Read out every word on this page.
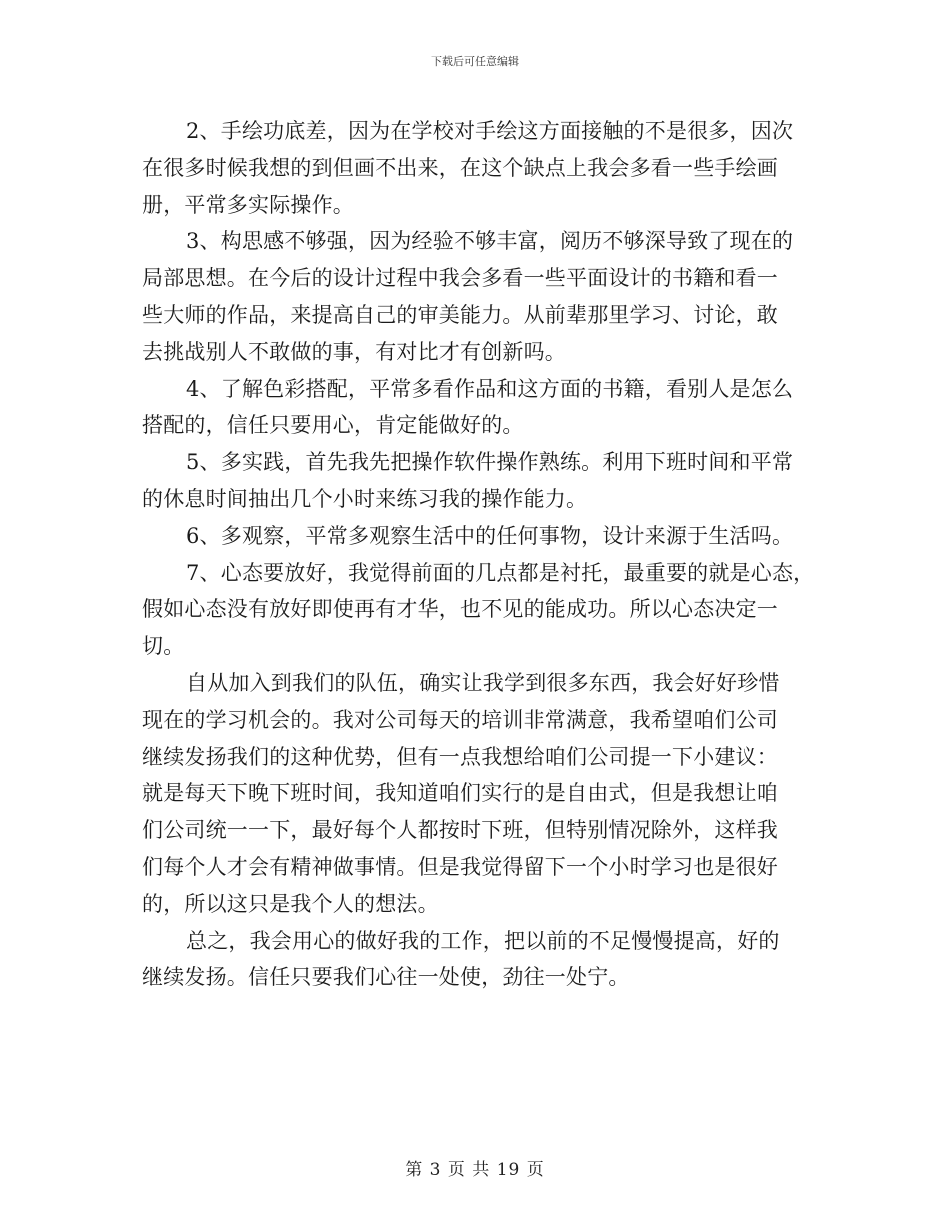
下载后可任意编辑
2、手绘功底差，因为在学校对手绘这方面接触的不是很多，因次
在很多时候我想的到但画不出来，在这个缺点上我会多看一些手绘画
册，平常多实际操作。
3、构思感不够强，因为经验不够丰富，阅历不够深导致了现在的
局部思想。在今后的设计过程中我会多看一些平面设计的书籍和看一
些大师的作品，来提高自己的审美能力。从前辈那里学习、讨论，敢
去挑战别人不敢做的事，有对比才有创新吗。
4、了解色彩搭配，平常多看作品和这方面的书籍，看别人是怎么
搭配的，信任只要用心，肯定能做好的。
5、多实践，首先我先把操作软件操作熟练。利用下班时间和平常
的休息时间抽出几个小时来练习我的操作能力。
6、多观察，平常多观察生活中的任何事物，设计来源于生活吗。
7、心态要放好，我觉得前面的几点都是衬托，最重要的就是心态，
假如心态没有放好即使再有才华，也不见的能成功。所以心态决定一
切。
自从加入到我们的队伍，确实让我学到很多东西，我会好好珍惜
现在的学习机会的。我对公司每天的培训非常满意，我希望咱们公司
继续发扬我们的这种优势，但有一点我想给咱们公司提一下小建议：
就是每天下晚下班时间，我知道咱们实行的是自由式，但是我想让咱
们公司统一一下，最好每个人都按时下班，但特别情况除外，这样我
们每个人才会有精神做事情。但是我觉得留下一个小时学习也是很好
的，所以这只是我个人的想法。
总之，我会用心的做好我的工作，把以前的不足慢慢提高，好的
继续发扬。信任只要我们心往一处使，劲往一处宁。
第 3 页 共 19 页
